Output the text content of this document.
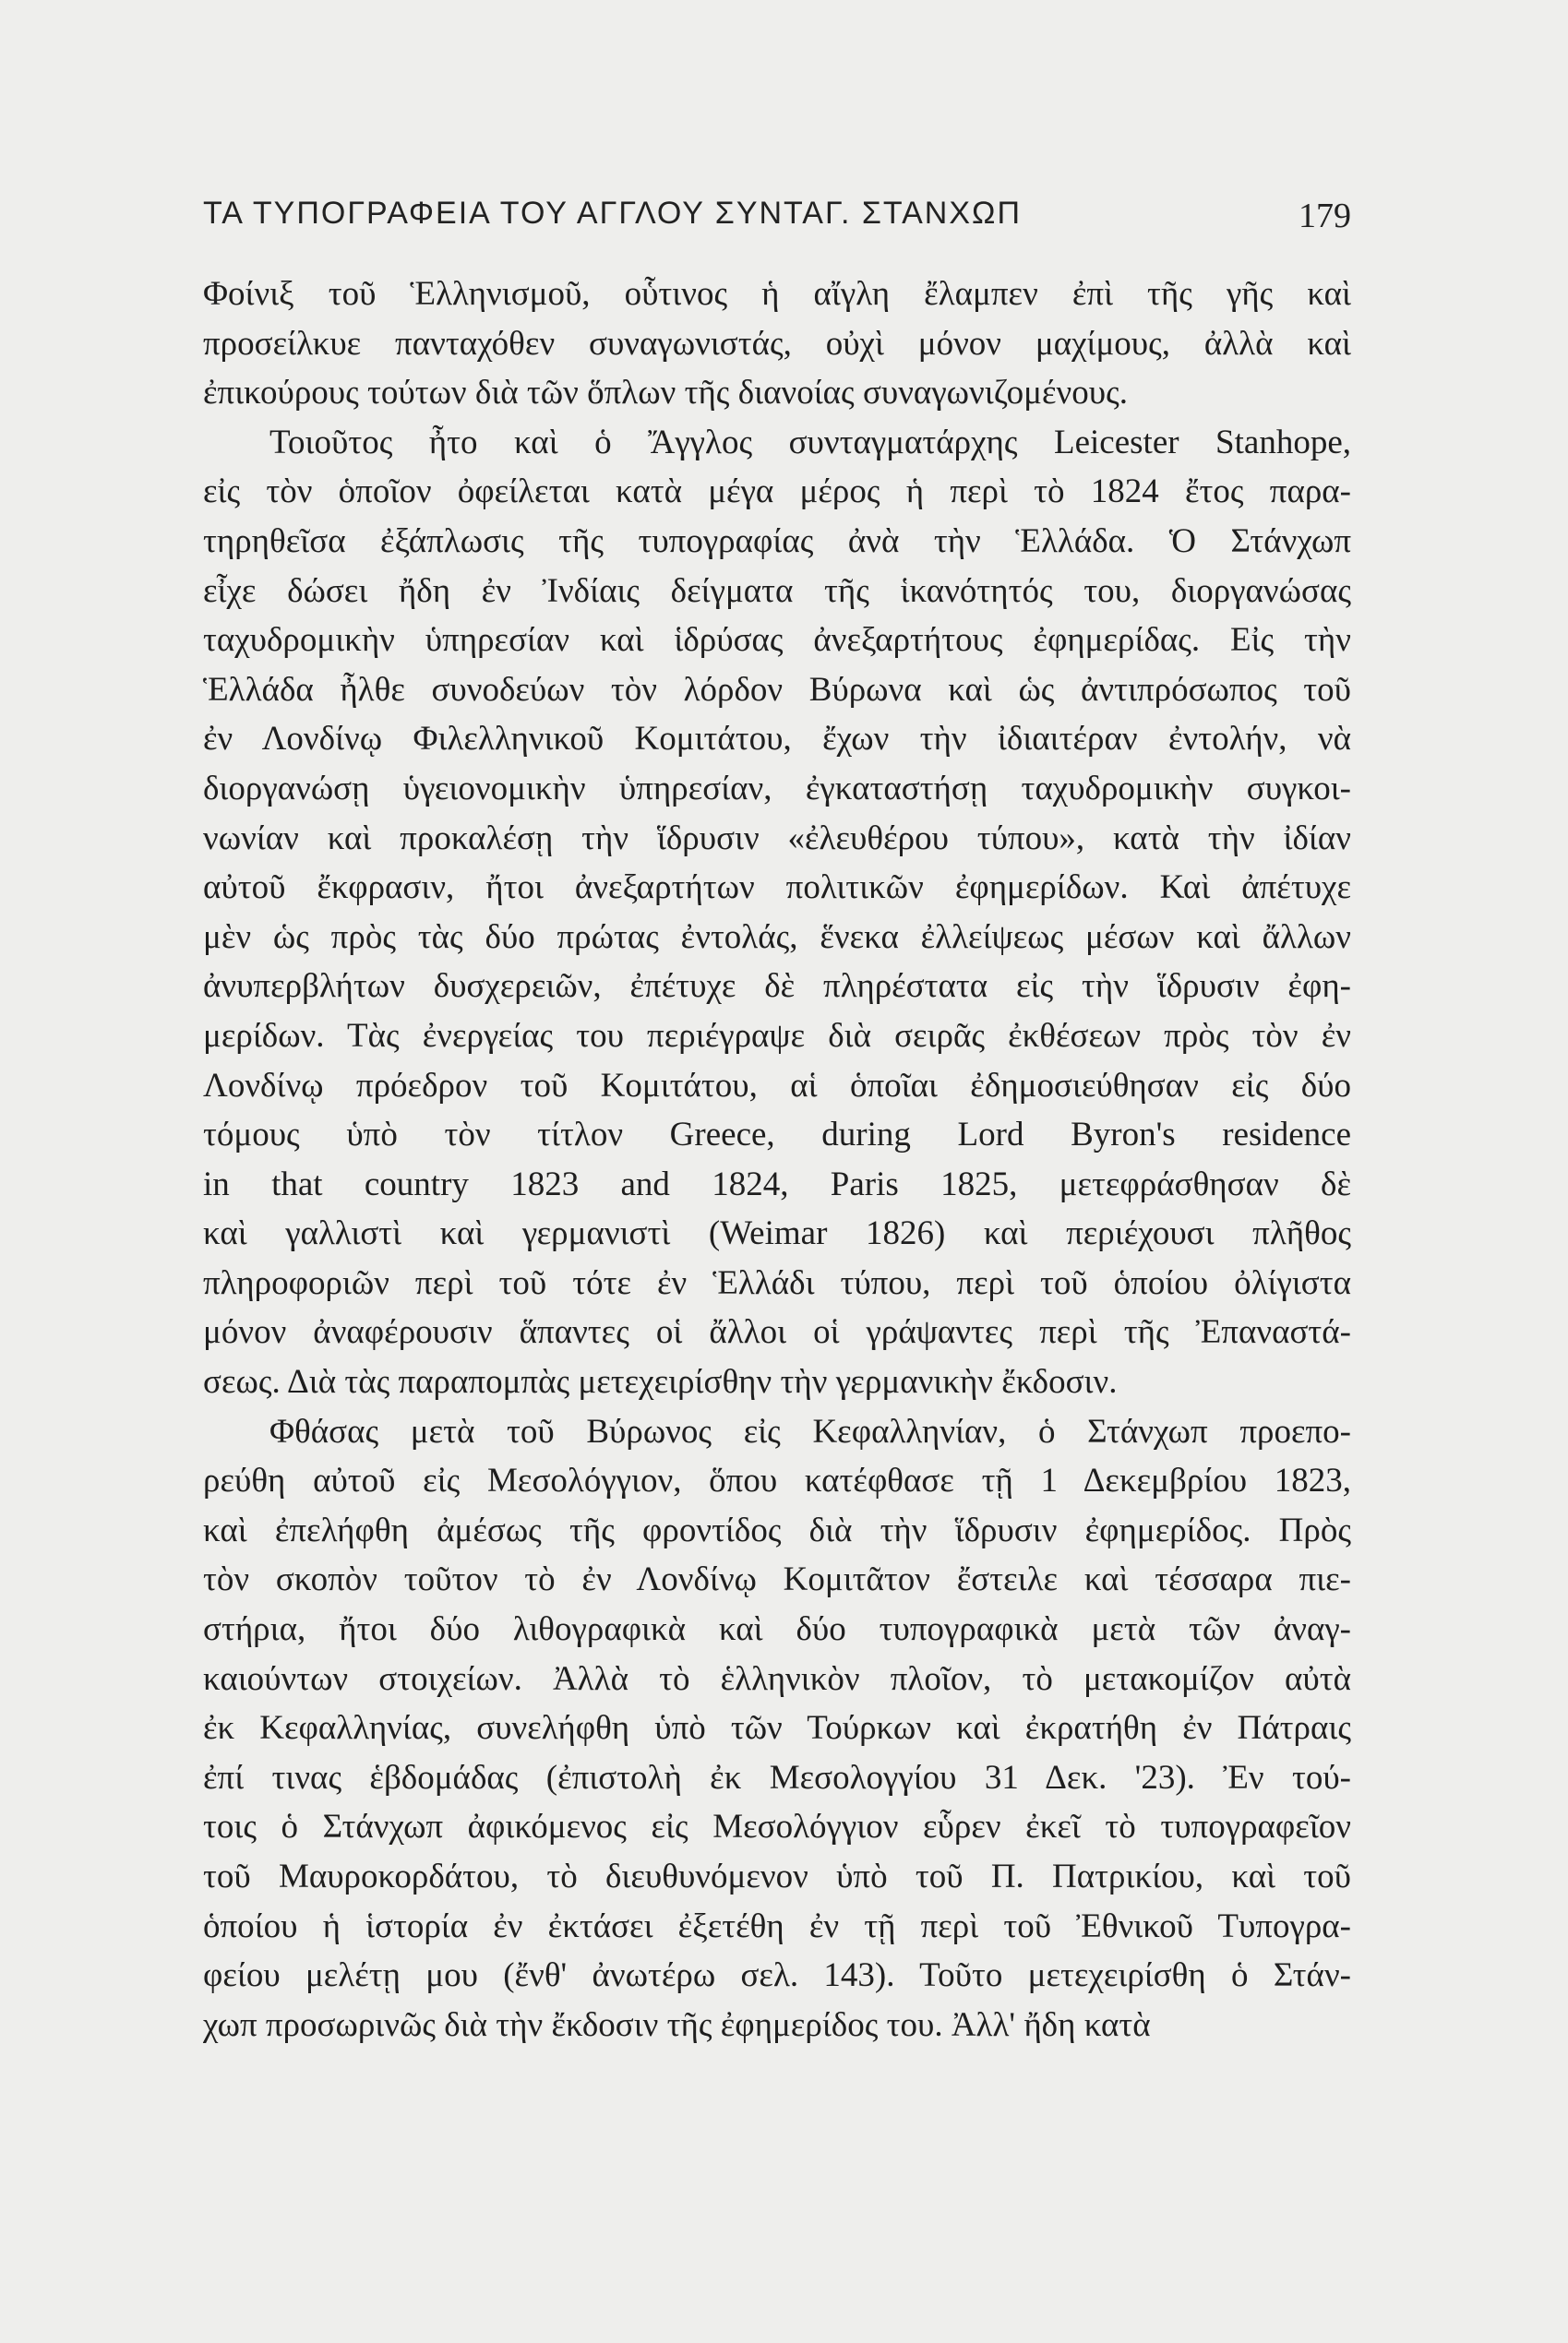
ΤΑ ΤΥΠΟΓΡΑΦΕΙΑ ΤΟΥ ΑΓΓΛΟΥ ΣΥΝΤΑΓ. ΣΤΑΝΧΩΠ	179
Φοίνιξ τοῦ Ἑλληνισμοῦ, οὗτινος ἡ αἴγλη ἔλαμπεν ἐπὶ τῆς γῆς καὶ
προσείλκυε πανταχόθεν συναγωνιστάς, οὐχὶ μόνον μαχίμους, ἀλλὰ καὶ
ἐπικούρους τούτων διὰ τῶν ὅπλων τῆς διανοίας συναγωνιζομένους.
Τοιοῦτος ἦτο καὶ ὁ Ἄγγλος συνταγματάρχης Leicester Stanhope,
εἰς τὸν ὁποῖον ὀφείλεται κατὰ μέγα μέρος ἡ περὶ τὸ 1824 ἔτος παρα-
τηρηθεῖσα ἐξάπλωσις τῆς τυπογραφίας ἀνὰ τὴν Ἑλλάδα. Ὁ Στάνχωπ
εἶχε δώσει ἤδη ἐν Ἰνδίαις δείγματα τῆς ἱκανότητός του, διοργανώσας
ταχυδρομικὴν ὑπηρεσίαν καὶ ἱδρύσας ἀνεξαρτήτους ἐφημερίδας. Εἰς τὴν
Ἑλλάδα ἦλθε συνοδεύων τὸν λόρδον Βύρωνα καὶ ὡς ἀντιπρόσωπος τοῦ
ἐν Λονδίνῳ Φιλελληνικοῦ Κομιτάτου, ἔχων τὴν ἰδιαιτέραν ἐντολήν, νὰ
διοργανώσῃ ὑγειονομικὴν ὑπηρεσίαν, ἐγκαταστήσῃ ταχυδρομικὴν συγκοι-
νωνίαν καὶ προκαλέσῃ τὴν ἵδρυσιν «ἐλευθέρου τύπου», κατὰ τὴν ἰδίαν
αὐτοῦ ἔκφρασιν, ἤτοι ἀνεξαρτήτων πολιτικῶν ἐφημερίδων. Καὶ ἀπέτυχε
μὲν ὡς πρὸς τὰς δύο πρώτας ἐντολάς, ἕνεκα ἐλλείψεως μέσων καὶ ἄλλων
ἀνυπερβλήτων δυσχερειῶν, ἐπέτυχε δὲ πληρέστατα εἰς τὴν ἵδρυσιν ἐφη-
μερίδων. Τὰς ἐνεργείας του περιέγραψε διὰ σειρᾶς ἐκθέσεων πρὸς τὸν ἐν
Λονδίνῳ πρόεδρον τοῦ Κομιτάτου, αἱ ὁποῖαι ἐδημοσιεύθησαν εἰς δύο
τόμους ὑπὸ τὸν τίτλον Greece, during Lord Byron's residence
in that country 1823 and 1824, Paris 1825, μετεφράσθησαν δὲ
καὶ γαλλιστὶ καὶ γερμανιστὶ (Weimar 1826) καὶ περιέχουσι πλῆθος
πληροφοριῶν περὶ τοῦ τότε ἐν Ἑλλάδι τύπου, περὶ τοῦ ὁποίου ὀλίγιστα
μόνον ἀναφέρουσιν ἅπαντες οἱ ἄλλοι οἱ γράψαντες περὶ τῆς Ἐπαναστά-
σεως. Διὰ τὰς παραπομπὰς μετεχειρίσθην τὴν γερμανικὴν ἔκδοσιν.
Φθάσας μετὰ τοῦ Βύρωνος εἰς Κεφαλληνίαν, ὁ Στάνχωπ προεπο-
ρεύθη αὐτοῦ εἰς Μεσολόγγιον, ὅπου κατέφθασε τῇ 1 Δεκεμβρίου 1823,
καὶ ἐπελήφθη ἀμέσως τῆς φροντίδος διὰ τὴν ἵδρυσιν ἐφημερίδος. Πρὸς
τὸν σκοπὸν τοῦτον τὸ ἐν Λονδίνῳ Κομιτᾶτον ἔστειλε καὶ τέσσαρα πιε-
στήρια, ἤτοι δύο λιθογραφικὰ καὶ δύο τυπογραφικὰ μετὰ τῶν ἀναγ-
καιούντων στοιχείων. Ἀλλὰ τὸ ἑλληνικὸν πλοῖον, τὸ μετακομίζον αὐτὰ
ἐκ Κεφαλληνίας, συνελήφθη ὑπὸ τῶν Τούρκων καὶ ἐκρατήθη ἐν Πάτραις
ἐπί τινας ἑβδομάδας (ἐπιστολὴ ἐκ Μεσολογγίου 31 Δεκ. '23). Ἐν τού-
τοις ὁ Στάνχωπ ἀφικόμενος εἰς Μεσολόγγιον εὗρεν ἐκεῖ τὸ τυπογραφεῖον
τοῦ Μαυροκορδάτου, τὸ διευθυνόμενον ὑπὸ τοῦ Π. Πατρικίου, καὶ τοῦ
ὁποίου ἡ ἱστορία ἐν ἐκτάσει ἐξετέθη ἐν τῇ περὶ τοῦ Ἐθνικοῦ Τυπογρα-
φείου μελέτῃ μου (ἔνθ' ἀνωτέρω σελ. 143). Τοῦτο μετεχειρίσθη ὁ Στάν-
χωπ προσωρινῶς διὰ τὴν ἔκδοσιν τῆς ἐφημερίδος του. Ἀλλ' ἤδη κατὰ
